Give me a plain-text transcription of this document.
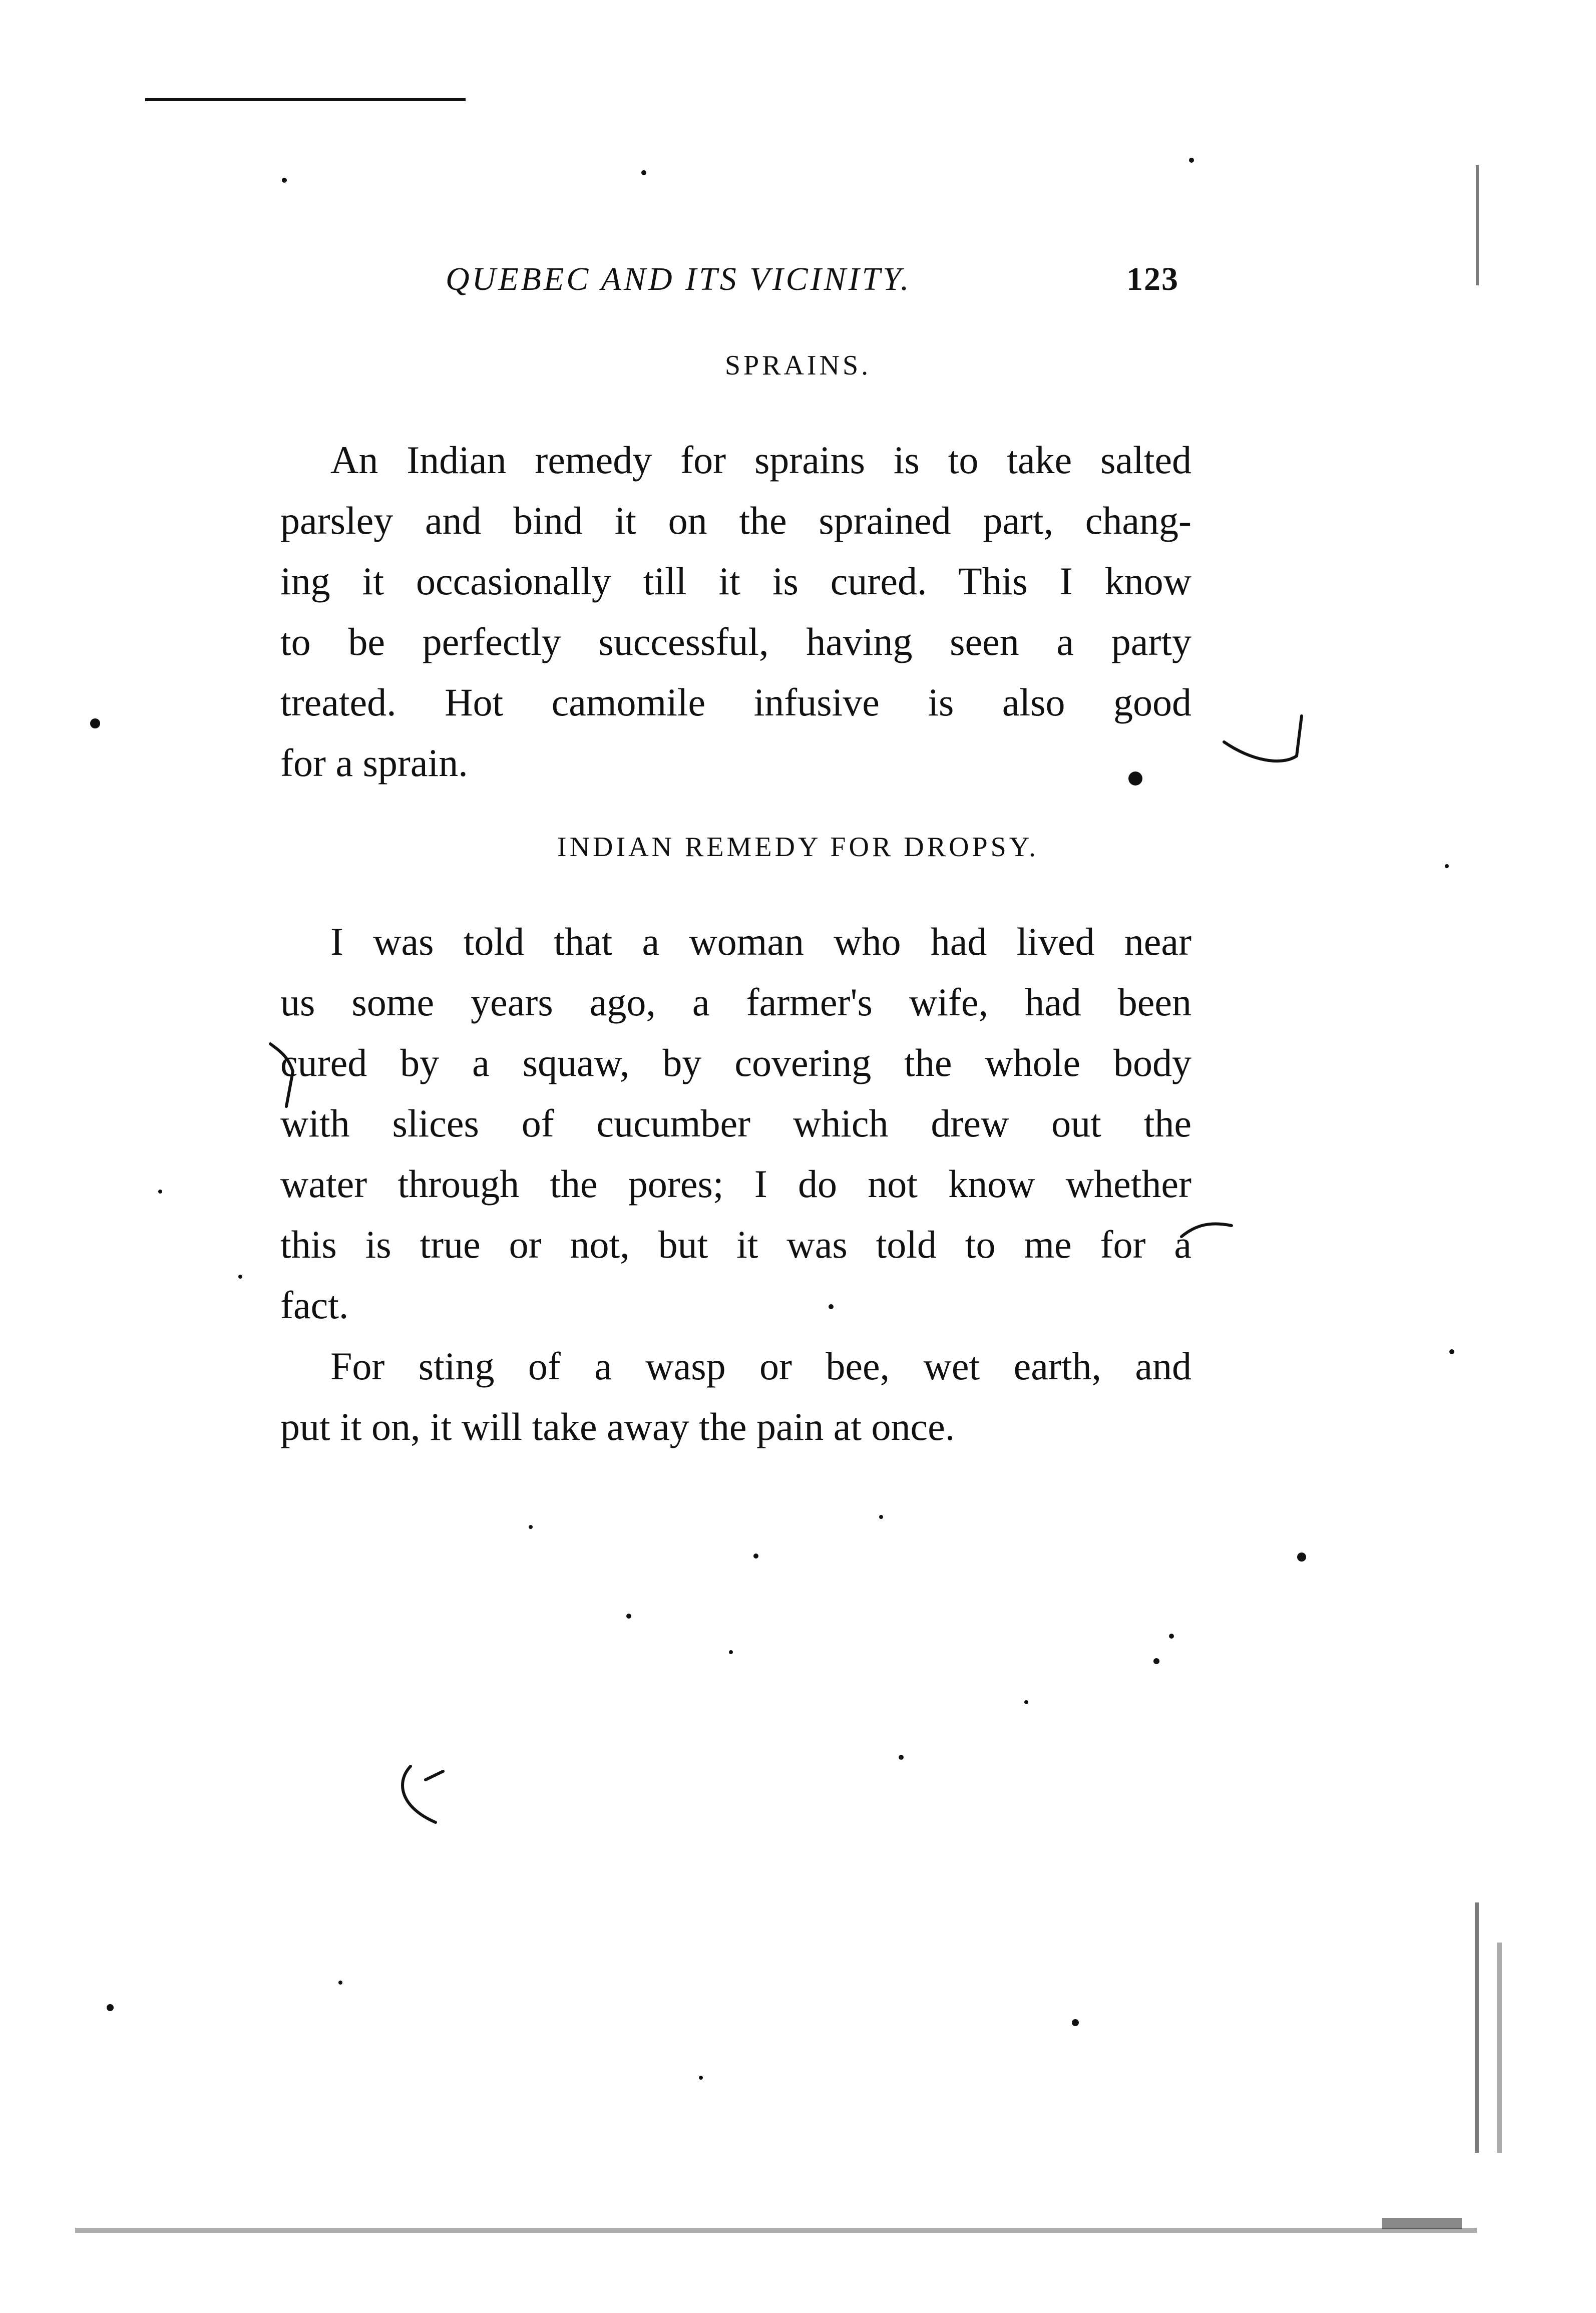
QUEBEC AND ITS VICINITY.	123
SPRAINS.
An Indian remedy for sprains is to take salted
parsley and bind it on the sprained part, chang-
ing it occasionally till it is cured. This I know
to be perfectly successful, having seen a party
treated. Hot camomile infusive is also good
for a sprain.
INDIAN REMEDY FOR DROPSY.
I was told that a woman who had lived near
us some years ago, a farmer's wife, had been
cured by a squaw, by covering the whole body
with slices of cucumber which drew out the
water through the pores; I do not know whether
this is true or not, but it was told to me for a
fact.
For sting of a wasp or bee, wet earth, and
put it on, it will take away the pain at once.
